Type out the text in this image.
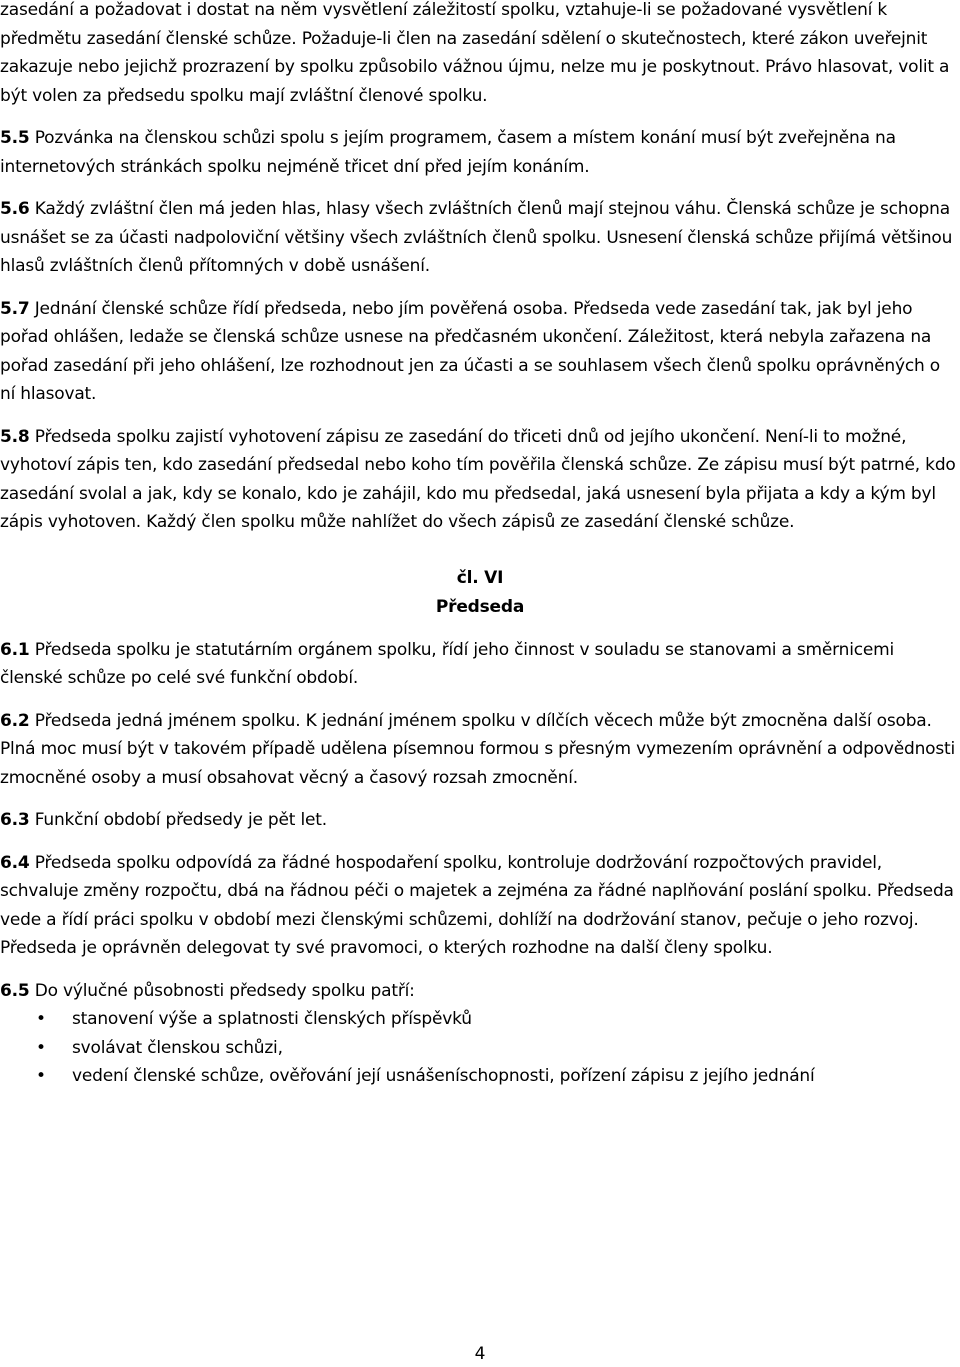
zasedání a požadovat i dostat na něm vysvětlení záležitostí spolku, vztahuje-li se požadované vysvětlení k předmětu zasedání členské schůze. Požaduje-li člen na zasedání sdělení o skutečnostech, které zákon uveřejnit zakazuje nebo jejichž prozrazení by spolku způsobilo vážnou újmu, nelze mu je poskytnout. Právo hlasovat, volit a být volen za předsedu spolku mají zvláštní členové spolku.

5.5 Pozvánka na členskou schůzi spolu s jejím programem, časem a místem konání musí být zveřejněna na internetových stránkách spolku nejméně třicet dní před jejím konáním.

5.6 Každý zvláštní člen má jeden hlas, hlasy všech zvláštních členů mají stejnou váhu. Členská schůze je schopna usnášet se za účasti nadpoloviční většiny všech zvláštních členů spolku. Usnesení členská schůze přijímá většinou hlasů zvláštních členů přítomných v době usnášení.

5.7 Jednání členské schůze řídí předseda, nebo jím pověřená osoba. Předseda vede zasedání tak, jak byl jeho pořad ohlášen, ledaže se členská schůze usnese na předčasném ukončení. Záležitost, která nebyla zařazena na pořad zasedání při jeho ohlášení, lze rozhodnout jen za účasti a se souhlasem všech členů spolku oprávněných o ní hlasovat.

5.8 Předseda spolku zajistí vyhotovení zápisu ze zasedání do třiceti dnů od jejího ukončení. Není-li to možné, vyhotoví zápis ten, kdo zasedání předsedal nebo koho tím pověřila členská schůze. Ze zápisu musí být patrné, kdo zasedání svolal a jak, kdy se konalo, kdo je zahájil, kdo mu předsedal, jaká usnesení byla přijata a kdy a kým byl zápis vyhotoven. Každý člen spolku může nahlížet do všech zápisů ze zasedání členské schůze.

čl. VI
Předseda

6.1 Předseda spolku je statutárním orgánem spolku, řídí jeho činnost v souladu se stanovami a směrnicemi členské schůze po celé své funkční období.

6.2 Předseda jedná jménem spolku. K jednání jménem spolku v dílčích věcech může být zmocněna další osoba. Plná moc musí být v takovém případě udělena písemnou formou s přesným vymezením oprávnění a odpovědnosti zmocněné osoby a musí obsahovat věcný a časový rozsah zmocnění.

6.3 Funkční období předsedy je pět let.

6.4 Předseda spolku odpovídá za řádné hospodaření spolku, kontroluje dodržování rozpočtových pravidel, schvaluje změny rozpočtu, dbá na řádnou péči o majetek a zejména za řádné naplňování poslání spolku. Předseda vede a řídí práci spolku v období mezi členskými schůzemi, dohlíží na dodržování stanov, pečuje o jeho rozvoj. Předseda je oprávněn delegovat ty své pravomoci, o kterých rozhodne na další členy spolku.

6.5 Do výlučné působnosti předsedy spolku patří:

• stanovení výše a splatnosti členských příspěvků
• svolávat členskou schůzi,
• vedení členské schůze, ověřování její usnášeníschopnosti, pořízení zápisu z jejího jednání
4
